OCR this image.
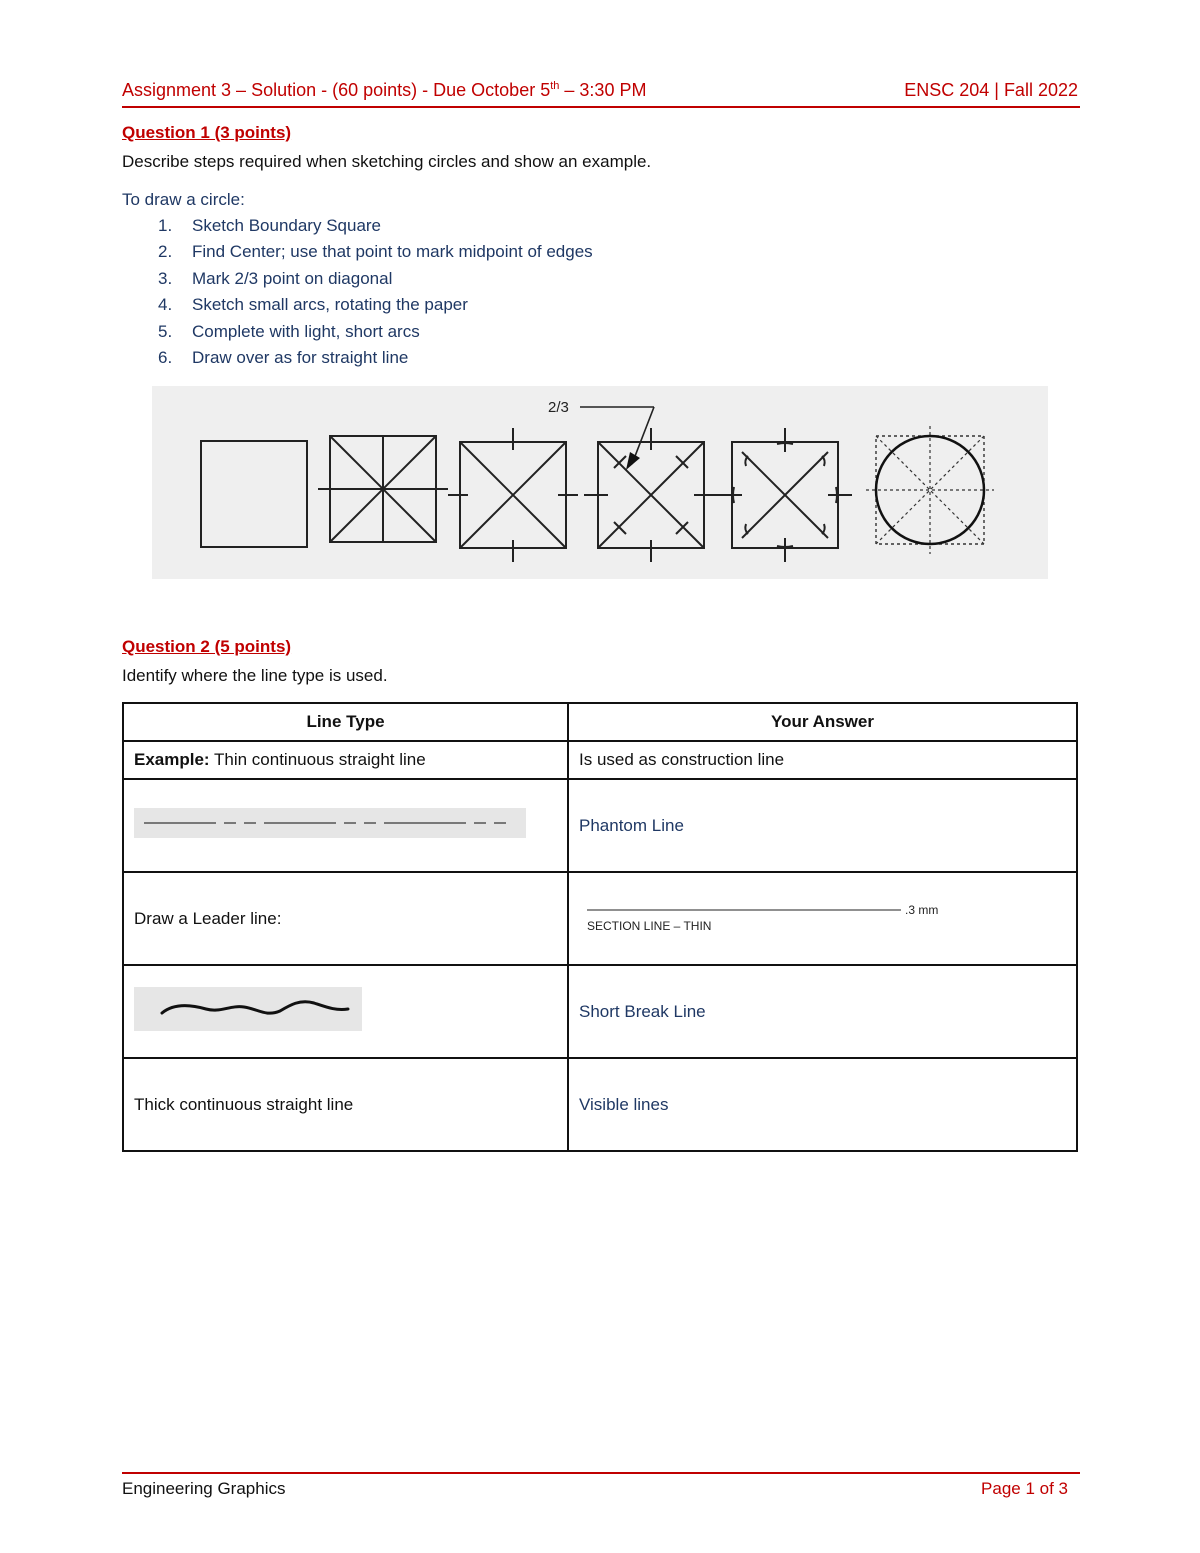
Assignment 3 – Solution - (60 points) - Due October 5th – 3:30 PM	ENSC 204 | Fall 2022
Question 1 (3 points)
Describe steps required when sketching circles and show an example.
To draw a circle:
1.	Sketch Boundary Square
2.	Find Center; use that point to mark midpoint of edges
3.	Mark 2/3 point on diagonal
4.	Sketch small arcs, rotating the paper
5.	Complete with light, short arcs
6.	Draw over as for straight line
2/3
Question 2 (5 points)
Identify where the line type is used.
Line Type	Your Answer
Example: Thin continuous straight line	Is used as construction line
	Phantom Line
Draw a Leader line:	.3 mm
SECTION LINE – THIN

	Short Break Line
Thick continuous straight line	Visible lines
Engineering Graphics	Page 1 of 3
